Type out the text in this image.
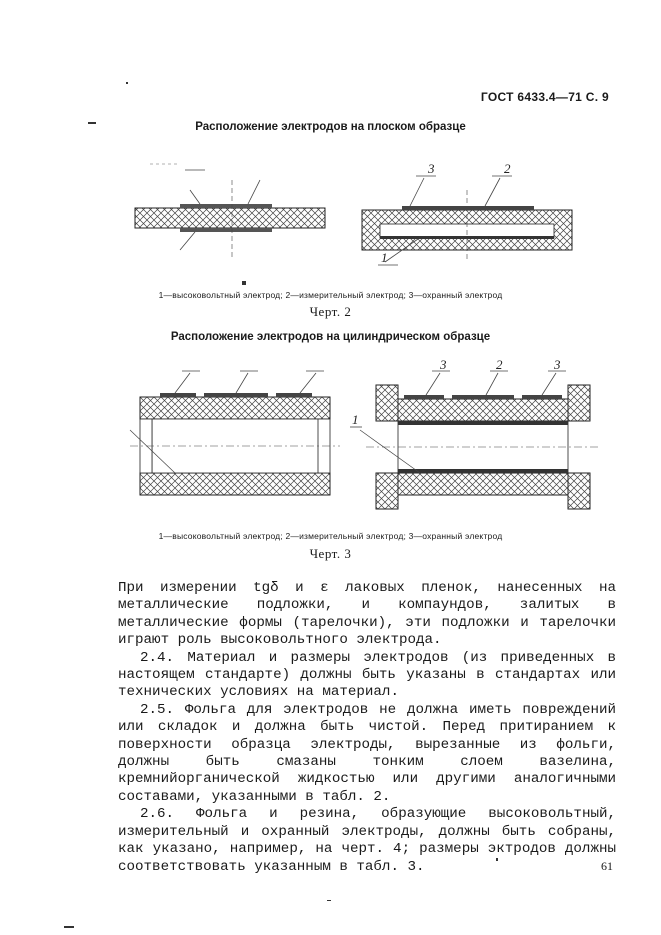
ГОСТ 6433.4—71 С. 9
Расположение электродов на плоском образце
3	2
1
1—высоковольтный электрод; 2—измерительный электрод; 3—охранный электрод
Черт. 2
Расположение электродов на цилиндрическом образце
3	2	3
1
1—высоковольтный электрод; 2—измерительный электрод; 3—охранный электрод
Черт. 3

При измерении tgδ и ε лаковых пленок, нанесенных на металлические подложки, и компаундов, залитых в металлические формы (тарелочки), эти подложки и тарелочки играют роль высоковольтного электрода.

2.4. Материал и размеры электродов (из приведенных в настоящем стандарте) должны быть указаны в стандартах или технических условиях на материал.

2.5. Фольга для электродов не должна иметь повреждений или складок и должна быть чистой. Перед притиранием к поверхности образца электроды, вырезанные из фольги, должны быть смазаны тонким слоем вазелина, кремнийорганической жидкостью или другими аналогичными составами, указанными в табл. 2.

2.6. Фольга и резина, образующие высоковольтный, измерительный и охранный электроды, должны быть собраны, как указано, например, на черт. 4; размеры эктродов должны соответствовать указанным в табл. 3.	61
